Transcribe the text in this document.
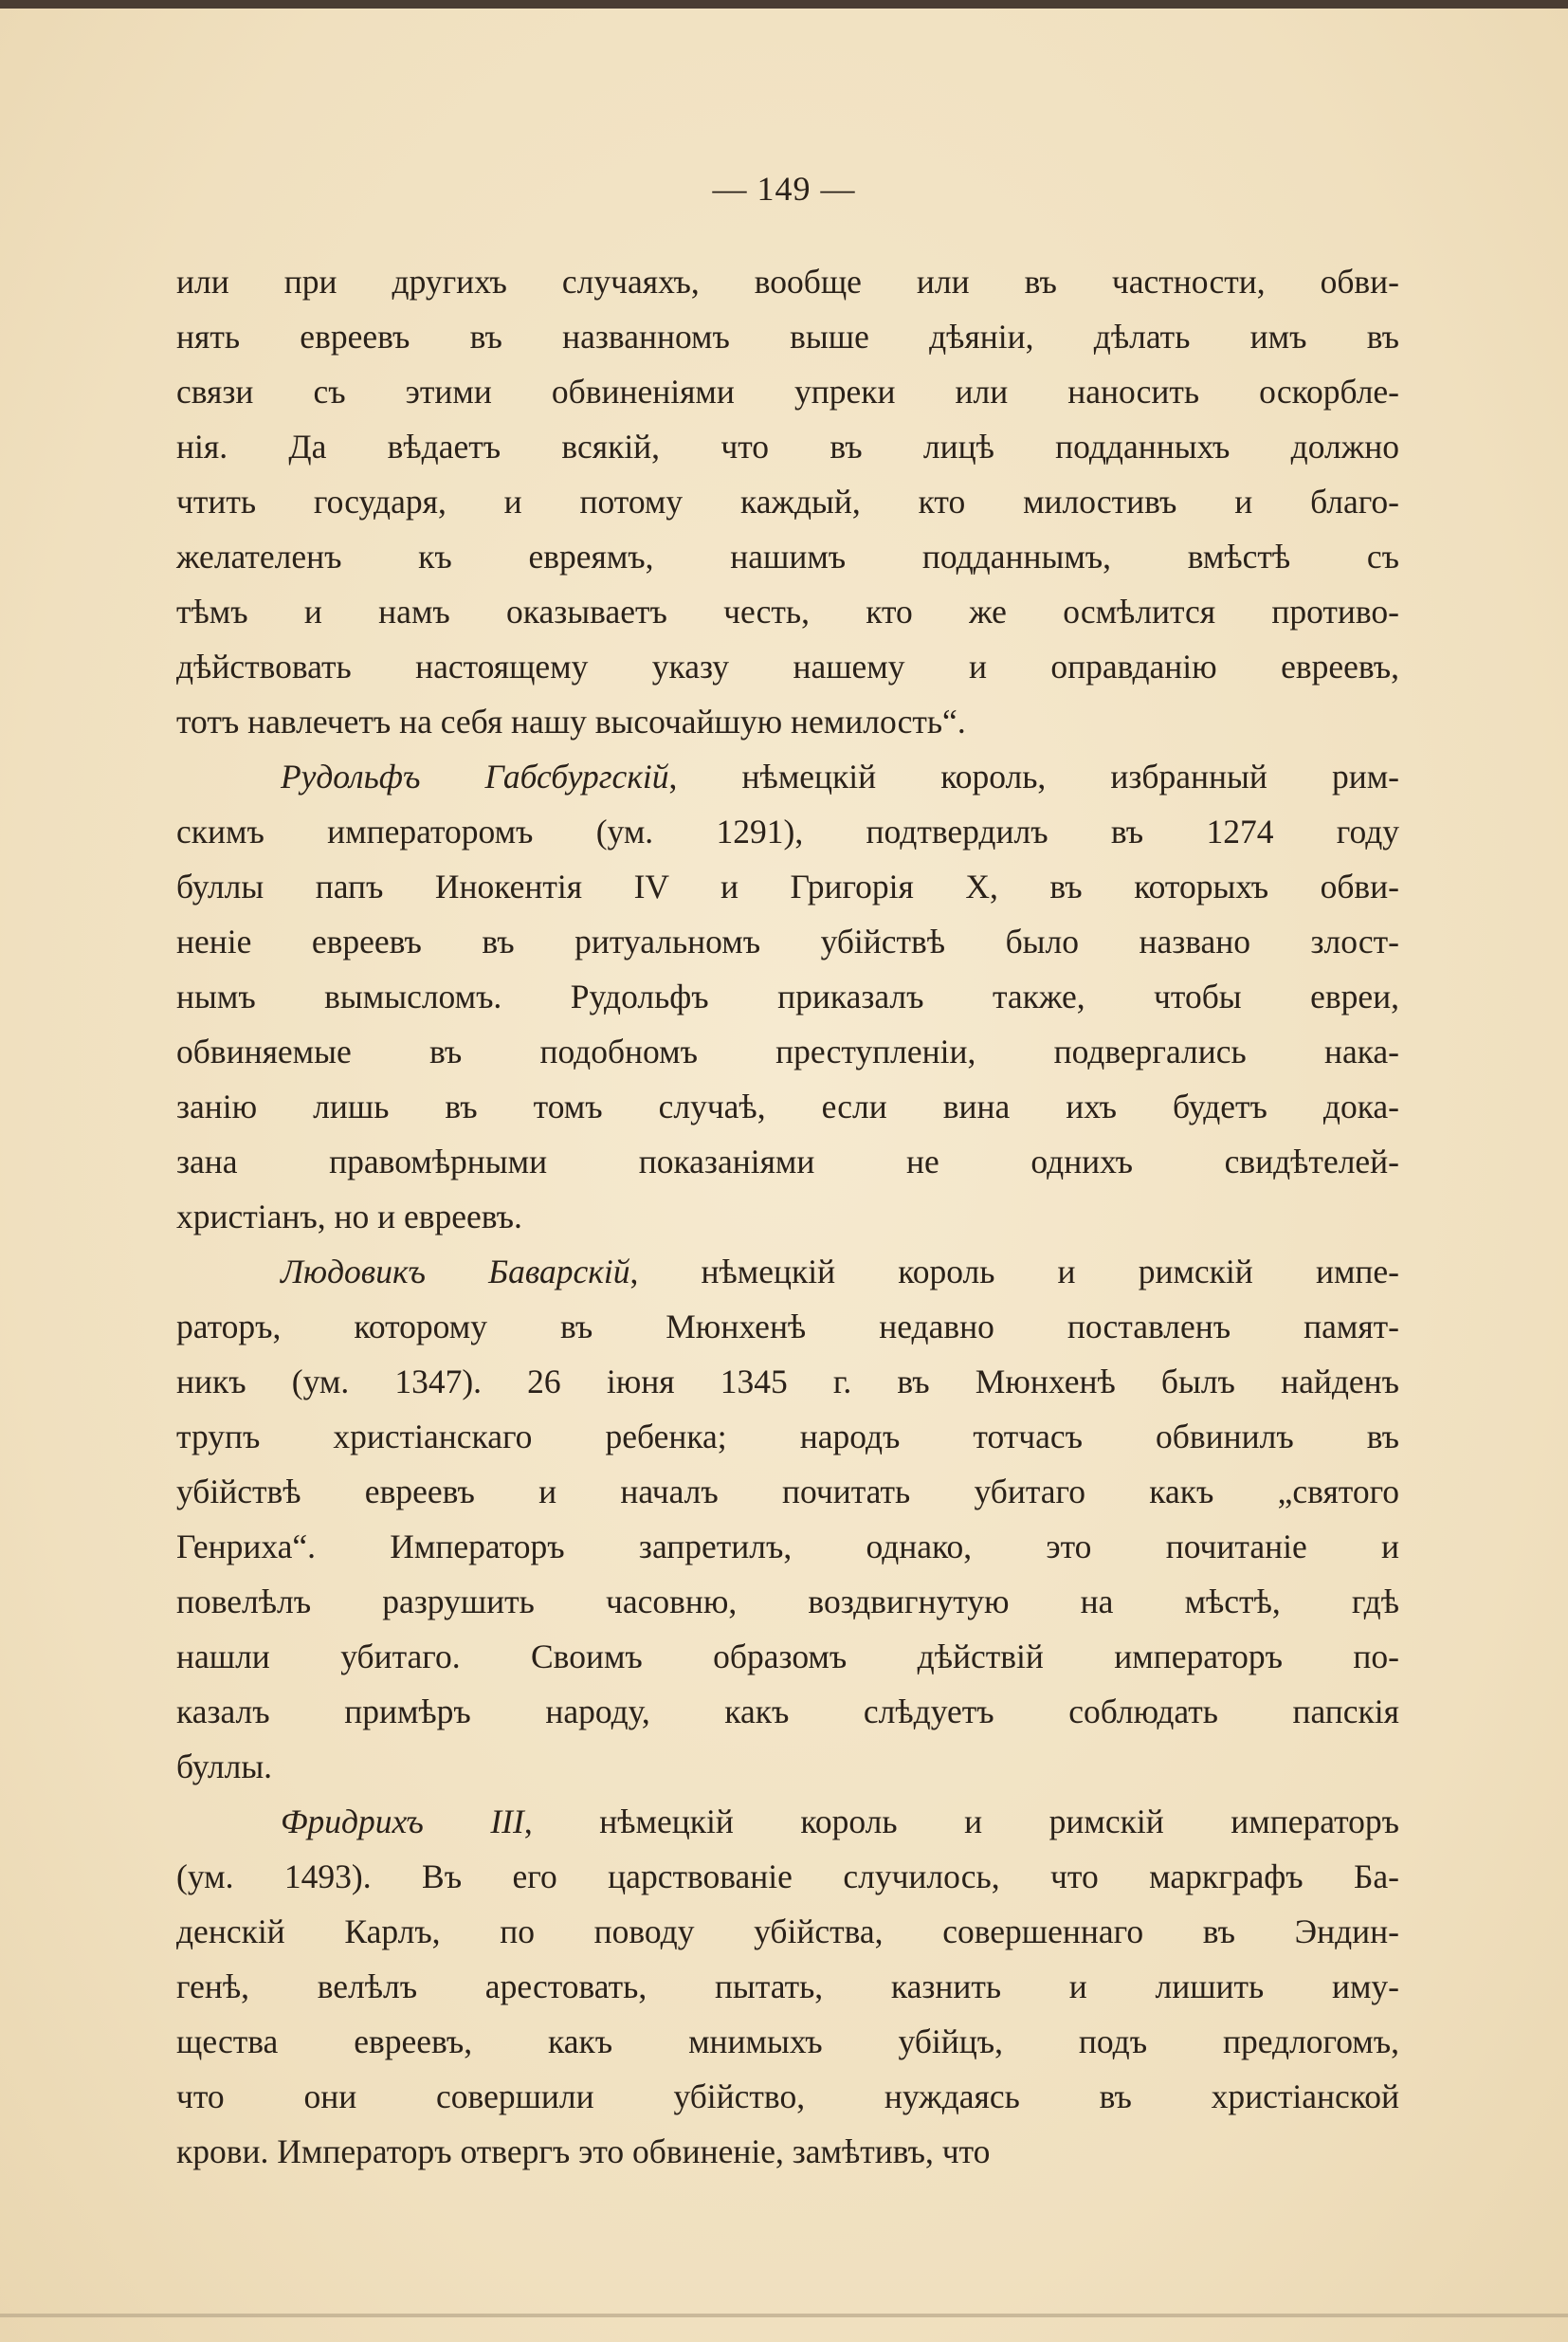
— 149 —

или при другихъ случаяхъ, вообще или въ частности, обви-
нять евреевъ въ названномъ выше дѣяніи, дѣлать имъ въ
связи съ этими обвиненіями упреки или наносить оскорбле-
нія. Да вѣдаетъ всякій, что въ лицѣ подданныхъ должно
чтить государя, и потому каждый, кто милостивъ и благо-
желателенъ къ евреямъ, нашимъ подданнымъ, вмѣстѣ съ
тѣмъ и намъ оказываетъ честь, кто же осмѣлится противо-
дѣйствовать настоящему указу нашему и оправданію евреевъ,
тотъ навлечетъ на себя нашу высочайшую немилость“.

Рудольфъ Габсбургскій, нѣмецкій король, избранный рим-
скимъ императоромъ (ум. 1291), подтвердилъ въ 1274 году
буллы папъ Инокентія IV и Григорія X, въ которыхъ обви-
неніе евреевъ въ ритуальномъ убійствѣ было названо злост-
нымъ вымысломъ. Рудольфъ приказалъ также, чтобы евреи,
обвиняемые въ подобномъ преступленіи, подвергались нака-
занію лишь въ томъ случаѣ, если вина ихъ будетъ дока-
зана правомѣрными показаніями не однихъ свидѣтелей-
христіанъ, но и евреевъ.

Людовикъ Баварскій, нѣмецкій король и римскій импе-
раторъ, которому въ Мюнхенѣ недавно поставленъ памят-
никъ (ум. 1347). 26 іюня 1345 г. въ Мюнхенѣ былъ найденъ
трупъ христіанскаго ребенка; народъ тотчасъ обвинилъ въ
убійствѣ евреевъ и началъ почитать убитаго какъ „святого
Генриха“. Императоръ запретилъ, однако, это почитаніе и
повелѣлъ разрушить часовню, воздвигнутую на мѣстѣ, гдѣ
нашли убитаго. Своимъ образомъ дѣйствій императоръ по-
казалъ примѣръ народу, какъ слѣдуетъ соблюдать папскія
буллы.

Фридрихъ III, нѣмецкій король и римскій императоръ
(ум. 1493). Въ его царствованіе случилось, что маркграфъ Ба-
денскій Карлъ, по поводу убійства, совершеннаго въ Эндин-
генѣ, велѣлъ арестовать, пытать, казнить и лишить иму-
щества евреевъ, какъ мнимыхъ убійцъ, подъ предлогомъ,
что они совершили убійство, нуждаясь въ христіанской
крови. Императоръ отвергъ это обвиненіе, замѣтивъ, что
